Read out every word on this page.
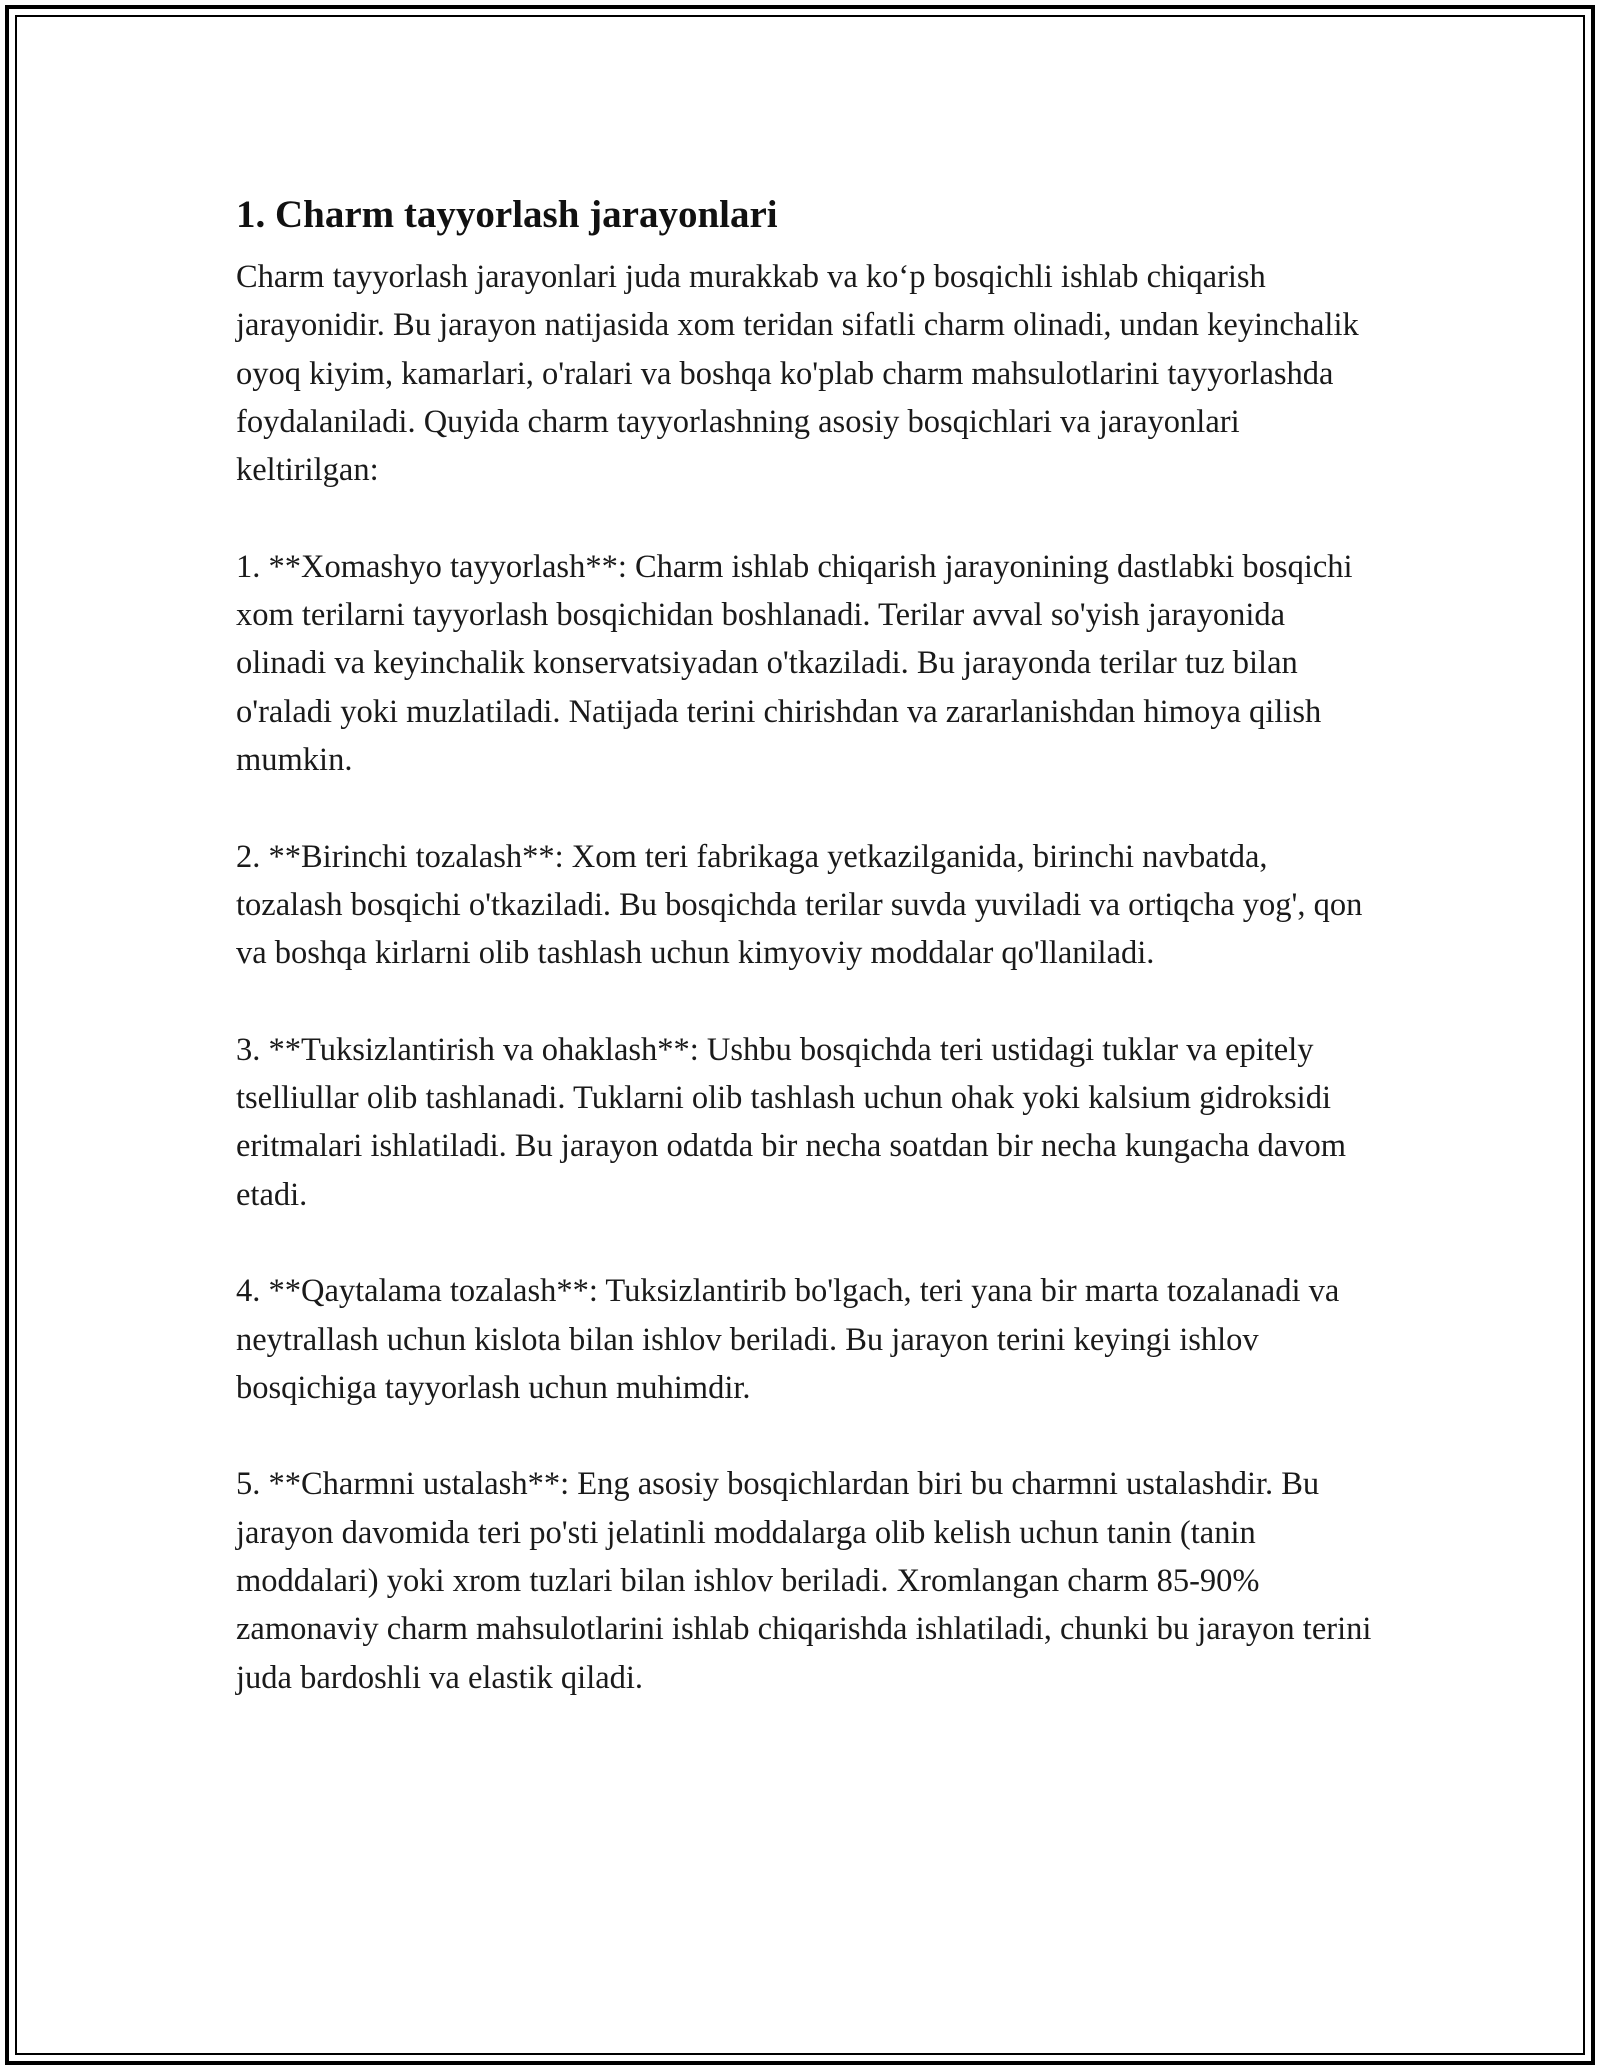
1. Charm tayyorlash jarayonlari

Charm tayyorlash jarayonlari juda murakkab va koʻp bosqichli ishlab chiqarish jarayonidir. Bu jarayon natijasida xom teridan sifatli charm olinadi, undan keyinchalik oyoq kiyim, kamarlari, o'ralari va boshqa ko'plab charm mahsulotlarini tayyorlashda foydalaniladi. Quyida charm tayyorlashning asosiy bosqichlari va jarayonlari keltirilgan:

1. **Xomashyo tayyorlash**: Charm ishlab chiqarish jarayonining dastlabki bosqichi xom terilarni tayyorlash bosqichidan boshlanadi. Terilar avval so'yish jarayonida olinadi va keyinchalik konservatsiyadan o'tkaziladi. Bu jarayonda terilar tuz bilan o'raladi yoki muzlatiladi. Natijada terini chirishdan va zararlanishdan himoya qilish mumkin.

2. **Birinchi tozalash**: Xom teri fabrikaga yetkazilganida, birinchi navbatda, tozalash bosqichi o'tkaziladi. Bu bosqichda terilar suvda yuviladi va ortiqcha yog', qon va boshqa kirlarni olib tashlash uchun kimyoviy moddalar qo'llaniladi.

3. **Tuksizlantirish va ohaklash**: Ushbu bosqichda teri ustidagi tuklar va epitely tselliullar olib tashlanadi. Tuklarni olib tashlash uchun ohak yoki kalsium gidroksidi eritmalari ishlatiladi. Bu jarayon odatda bir necha soatdan bir necha kungacha davom etadi.

4. **Qaytalama tozalash**: Tuksizlantirib bo'lgach, teri yana bir marta tozalanadi va neytrallash uchun kislota bilan ishlov beriladi. Bu jarayon terini keyingi ishlov bosqichiga tayyorlash uchun muhimdir.

5. **Charmni ustalash**: Eng asosiy bosqichlardan biri bu charmni ustalashdir. Bu jarayon davomida teri po'sti jelatinli moddalarga olib kelish uchun tanin (tanin moddalari) yoki xrom tuzlari bilan ishlov beriladi. Xromlangan charm 85-90% zamonaviy charm mahsulotlarini ishlab chiqarishda ishlatiladi, chunki bu jarayon terini juda bardoshli va elastik qiladi.
